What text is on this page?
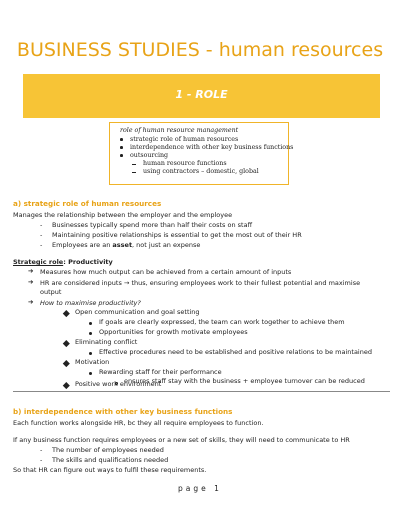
BUSINESS STUDIES - human resources
1 - ROLE
role of human resource management
strategic role of human resources
interdependence with other key business functions
outsourcing
human resource functions
using contractors – domestic, global
a) strategic role of human resources
Manages the relationship between the employer and the employee
- Businesses typically spend more than half their costs on staff
- Maintaining positive relationships is essential to get the most out of their HR
- Employees are an asset, not just an expense
Strategic role: Productivity
➔ Measures how much output can be achieved from a certain amount of inputs
➔ HR are considered inputs → thus, ensuring employees work to their fullest potential and maximise
output
➔ How to maximise productivity?
Open communication and goal setting
If goals are clearly expressed, the team can work together to achieve them
Opportunities for growth motivate employees
Eliminating conflict
Effective procedures need to be established and positive relations to be maintained
Motivation
Rewarding staff for their performance
ensures staff stay with the business + employee turnover can be reduced
Positive work environment
b) interdependence with other key business functions
Each function works alongside HR, bc they all require employees to function.
If any business function requires employees or a new set of skills, they will need to communicate to HR
- The number of employees needed
- The skills and qualifications needed
So that HR can figure out ways to fulfil these requirements.
page 1
